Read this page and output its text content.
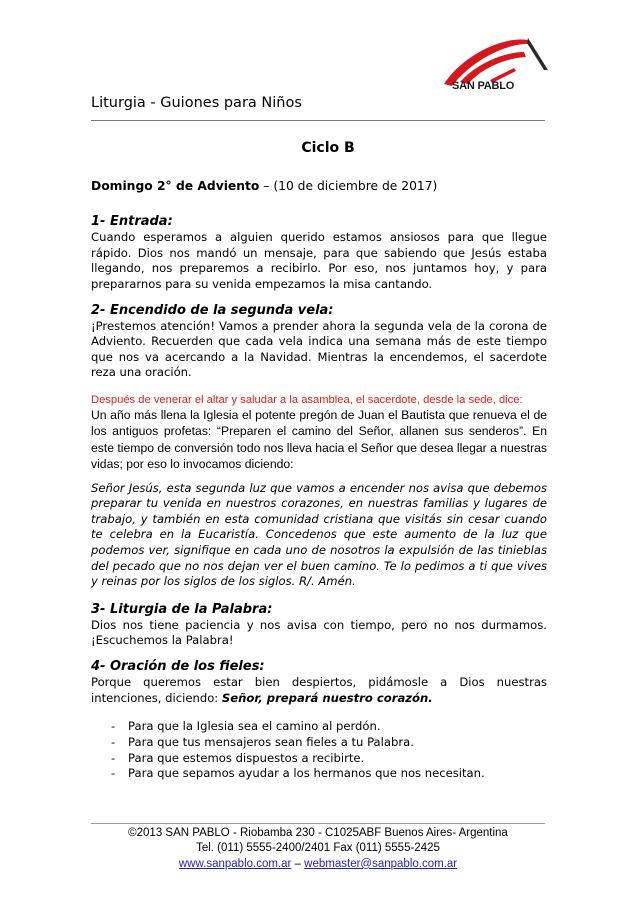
SAN PABLO
Liturgia - Guiones para Niños
Ciclo B
Domingo 2° de Adviento – (10 de diciembre de 2017)
1- Entrada:

Cuando esperamos a alguien querido estamos ansiosos para que llegue rápido. Dios nos mandó un mensaje, para que sabiendo que Jesús estaba llegando, nos preparemos a recibirlo. Por eso, nos juntamos hoy, y para prepararnos para su venida empezamos la misa cantando.

2- Encendido de la segunda vela:

¡Prestemos atención! Vamos a prender ahora la segunda vela de la corona de Adviento. Recuerden que cada vela indica una semana más de este tiempo que nos va acercando a la Navidad. Mientras la encendemos, el sacerdote reza una oración.

Después de venerar el altar y saludar a la asamblea, el sacerdote, desde la sede, dice:

Un año más llena la Iglesia el potente pregón de Juan el Bautista que renueva el de los antiguos profetas: “Preparen el camino del Señor, allanen sus senderos”. En este tiempo de conversión todo nos lleva hacia el Señor que desea llegar a nuestras vidas; por eso lo invocamos diciendo:

Señor Jesús, esta segunda luz que vamos a encender nos avisa que debemos preparar tu venida en nuestros corazones, en nuestras familias y lugares de trabajo, y también en esta comunidad cristiana que visitás sin cesar cuando te celebra en la Eucaristía. Concedenos que este aumento de la luz que podemos ver, signifique en cada uno de nosotros la expulsión de las tinieblas del pecado que no nos dejan ver el buen camino. Te lo pedimos a ti que vives y reinas por los siglos de los siglos. R/. Amén.

3- Liturgia de la Palabra:

Dios nos tiene paciencia y nos avisa con tiempo, pero no nos durmamos. ¡Escuchemos la Palabra!

4- Oración de los fieles:

Porque queremos estar bien despiertos, pidámosle a Dios nuestras intenciones, diciendo: Señor, prepará nuestro corazón.

- Para que la Iglesia sea el camino al perdón.
- Para que tus mensajeros sean fieles a tu Palabra.
- Para que estemos dispuestos a recibirte.
- Para que sepamos ayudar a los hermanos que nos necesitan.
©2013 SAN PABLO - Riobamba 230 - C1025ABF Buenos Aires- Argentina
Tel. (011) 5555-2400/2401 Fax (011) 5555-2425
www.sanpablo.com.ar – webmaster@sanpablo.com.ar
